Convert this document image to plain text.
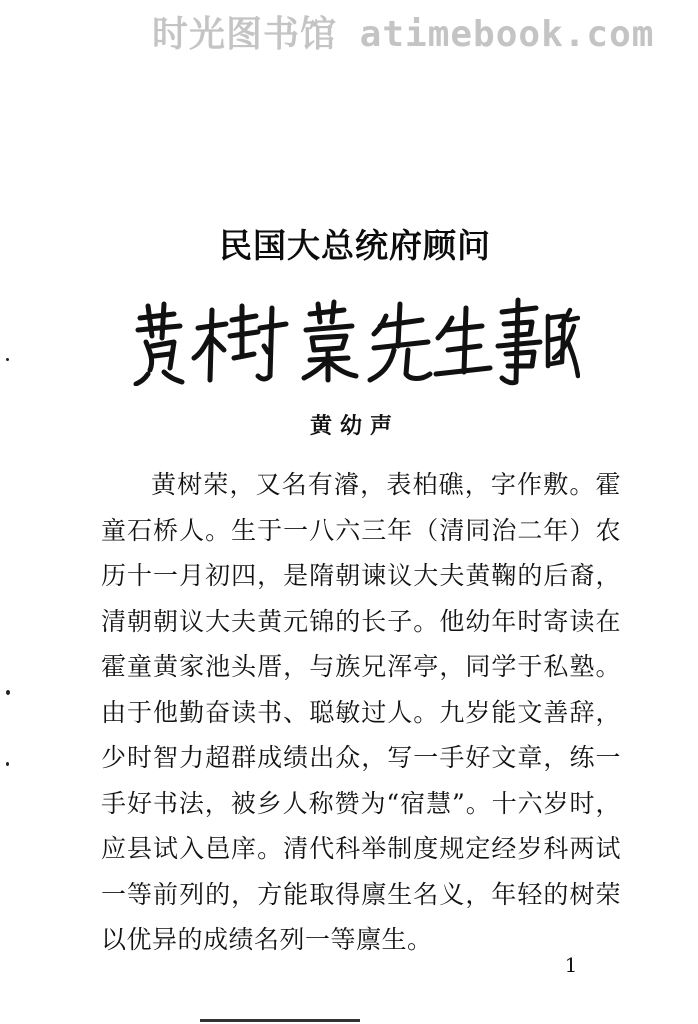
时光图书馆 atimebook.com
民国大总统府顾问
黄幼声

黄树荣，又名有濬，表柏礁，字作敷。霍童石桥人。生于一八六三年（清同治二年）农历十一月初四，是隋朝谏议大夫黄鞠的后裔，清朝朝议大夫黄元锦的长子。他幼年时寄读在霍童黄家池头厝，与族兄浑亭，同学于私塾。由于他勤奋读书、聪敏过人。九岁能文善辞，少时智力超群成绩出众，写一手好文章，练一手好书法，被乡人称赞为“宿慧”。十六岁时，应县试入邑庠。清代科举制度规定经岁科两试一等前列的，方能取得廪生名义，年轻的树荣以优异的成绩名列一等廪生。

1
